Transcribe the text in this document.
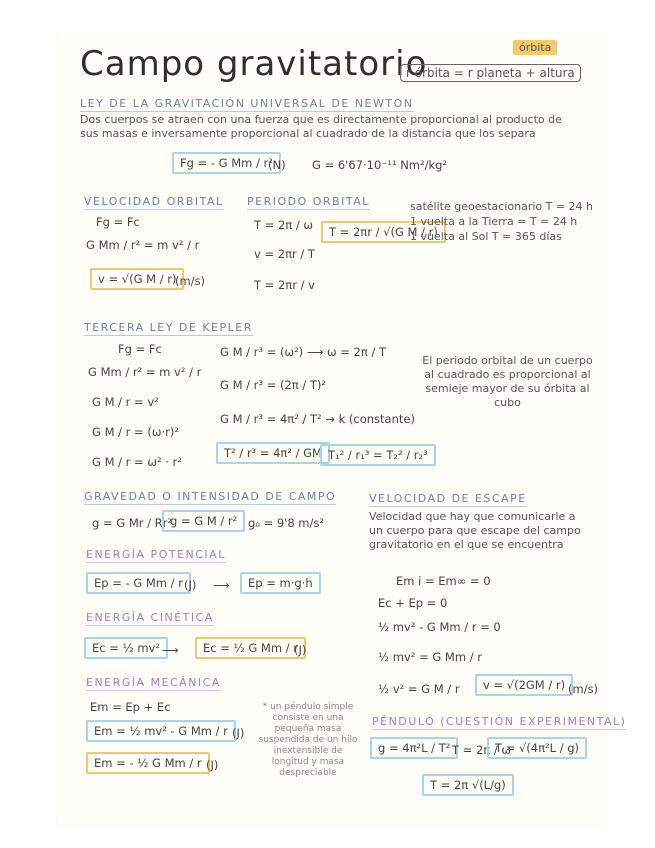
Campo gravitatorio	órbita
r órbita = r planeta + altura
LEY DE LA GRAVITACIÓN UNIVERSAL DE NEWTON
Dos cuerpos se atraen con una fuerza que es directamente proporcional al producto de sus masas e inversamente proporcional al cuadrado de la distancia que los separa
Fg = - G Mm / r²
(N) G = 6'67·10⁻¹¹ Nm²/kg²
VELOCIDAD ORBITAL
Fg = Fc
G Mm / r² = m v² / r
v = √(G M / r)
(m/s)
PERIODO ORBITAL
T = 2π / ω
v = 2πr / T
T = 2πr / v
T = 2πr / √(G M / r)
satélite geoestacionario T = 24 h
1 vuelta a la Tierra = T = 24 h
1 vuelta al Sol T = 365 días
TERCERA LEY DE KEPLER
Fg = Fc
G Mm / r² = m v² / r
G M / r = v²
G M / r = (ω·r)²
G M / r = ω² · r²
G M / r³ = (ω²) ⟶ ω = 2π / T
G M / r³ = (2π / T)²
G M / r³ = 4π² / T² → k (constante)
T² / r³ = 4π² / GM T₁² / r₁³ = T₂² / r₂³
El periodo orbital de un cuerpo al cuadrado es proporcional al semieje mayor de su órbita al cubo
GRAVEDAD O INTENSIDAD DE CAMPO
g = G Mr / Rr²
g = G M / r² g₀ = 9'8 m/s²
VELOCIDAD DE ESCAPE
Velocidad que hay que comunicarle a un cuerpo para que escape del campo gravitatorio en el que se encuentra
Em i = Em∞ = 0
Ec + Ep = 0
½ mv² - G Mm / r = 0
½ mv² = G Mm / r
½ v² = G M / r	v = √(2GM / r) (m/s)
ENERGÍA POTENCIAL
Ep = - G Mm / r (J) ⟶	Ep = m·g·h
ENERGÍA CINÉTICA
Ec = ½ mv² ⟶	Ec = ½ G Mm / r
(J)
ENERGÍA MECÁNICA
Em = Ep + Ec
Em = ½ mv² - G Mm / r (J)
Em = - ½ G Mm / r (J)
* un péndulo simple consiste en una pequeña masa suspendida de un hilo inextensible de longitud y masa despreciable
PÉNDULO (CUESTIÓN EXPERIMENTAL)
g = 4π²L / T² T = 2π / ω
T = √(4π²L / g)
T = 2π √(L/g)
